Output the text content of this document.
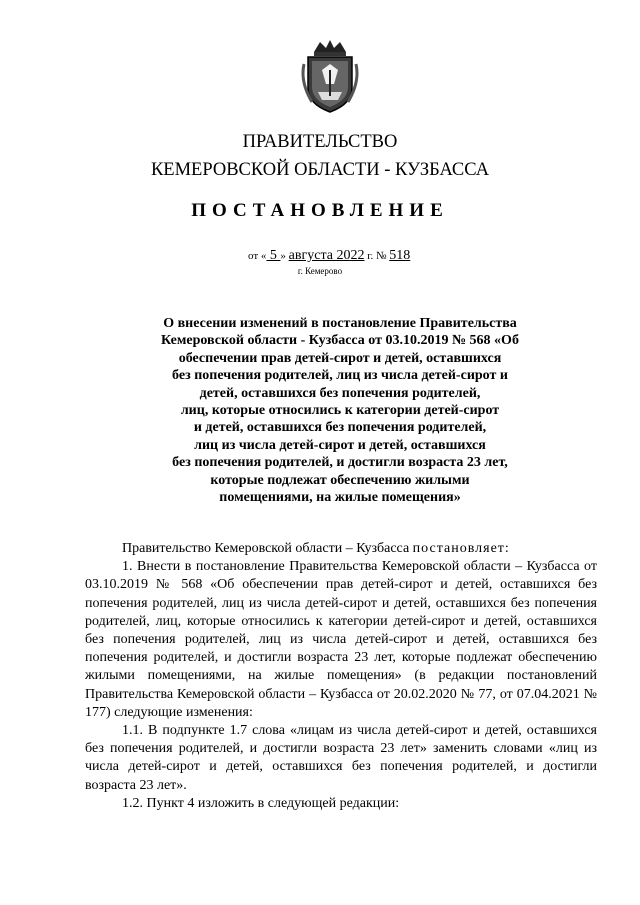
ПРАВИТЕЛЬСТВО
КЕМЕРОВСКОЙ ОБЛАСТИ - КУЗБАССА
ПОСТАНОВЛЕНИЕ
от « 5 » августа 2022 г. № 518
г. Кемерово
О внесении изменений в постановление Правительства
Кемеровской области - Кузбасса от 03.10.2019 № 568 «Об
обеспечении прав детей-сирот и детей, оставшихся
без попечения родителей, лиц из числа детей-сирот и
детей, оставшихся без попечения родителей,
лиц, которые относились к категории детей-сирот
и детей, оставшихся без попечения родителей,
лиц из числа детей-сирот и детей, оставшихся
без попечения родителей, и достигли возраста 23 лет,
которые подлежат обеспечению жилыми
помещениями, на жилые помещения»

Правительство Кемеровской области – Кузбасса постановляет:

1. Внести в постановление Правительства Кемеровской области – Кузбасса от 03.10.2019 № 568 «Об обеспечении прав детей-сирот и детей, оставшихся без попечения родителей, лиц из числа детей-сирот и детей, оставшихся без попечения родителей, лиц, которые относились к категории детей-сирот и детей, оставшихся без попечения родителей, лиц из числа детей-сирот и детей, оставшихся без попечения родителей, и достигли возраста 23 лет, которые подлежат обеспечению жилыми помещениями, на жилые помещения» (в редакции постановлений Правительства Кемеровской области – Кузбасса от 20.02.2020 № 77, от 07.04.2021 № 177) следующие изменения:

1.1. В подпункте 1.7 слова «лицам из числа детей-сирот и детей, оставшихся без попечения родителей, и достигли возраста 23 лет» заменить словами «лиц из числа детей-сирот и детей, оставшихся без попечения родителей, и достигли возраста 23 лет».

1.2. Пункт 4 изложить в следующей редакции:
